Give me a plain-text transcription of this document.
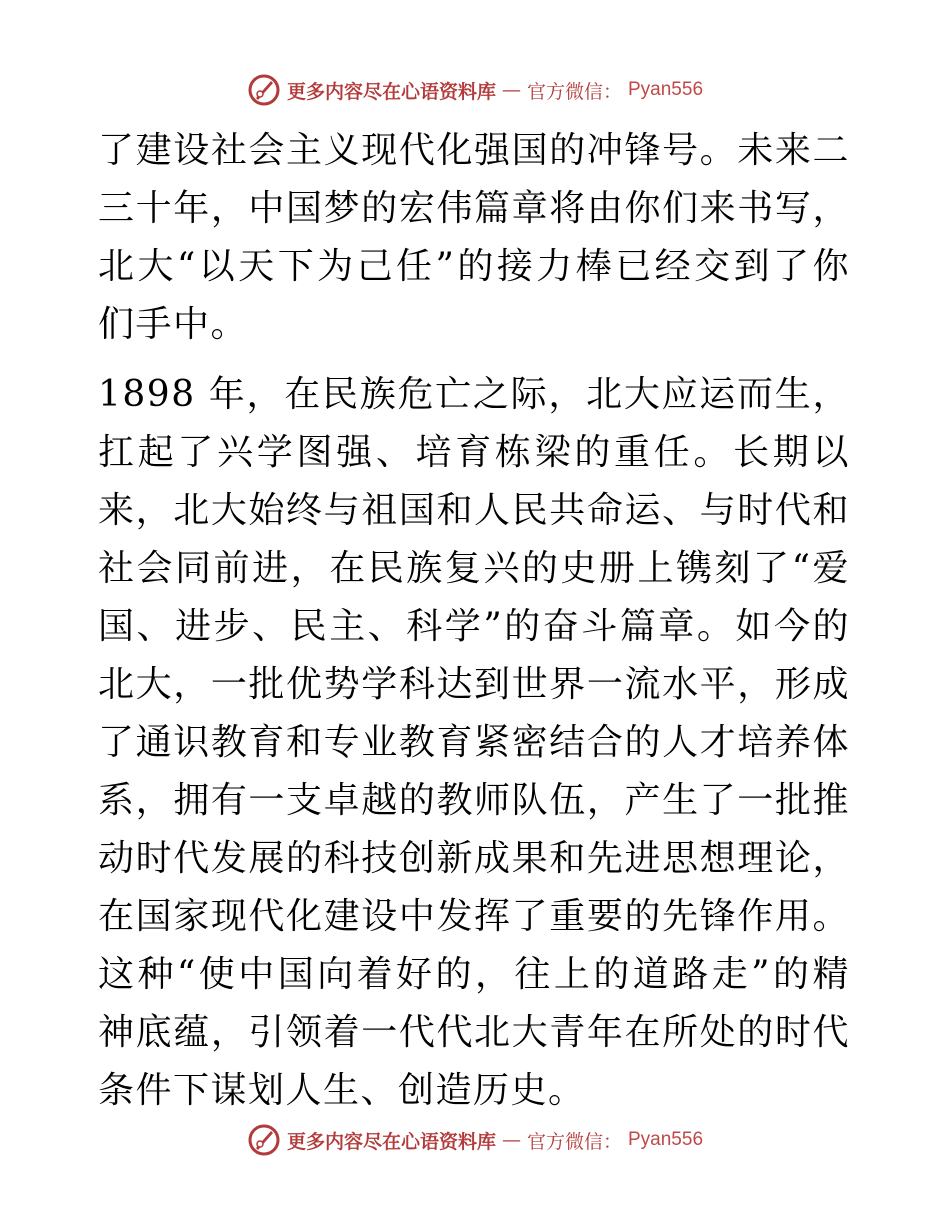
更多内容尽在心语资料库 — 官方微信： Pyan556

了建设社会主义现代化强国的冲锋号。未来二三十年，中国梦的宏伟篇章将由你们来书写，北大“以天下为己任”的接力棒已经交到了你们手中。

1898 年，在民族危亡之际，北大应运而生，扛起了兴学图强、培育栋梁的重任。长期以来，北大始终与祖国和人民共命运、与时代和社会同前进，在民族复兴的史册上镌刻了“爱国、进步、民主、科学”的奋斗篇章。如今的北大，一批优势学科达到世界一流水平，形成了通识教育和专业教育紧密结合的人才培养体系，拥有一支卓越的教师队伍，产生了一批推动时代发展的科技创新成果和先进思想理论，在国家现代化建设中发挥了重要的先锋作用。这种“使中国向着好的，往上的道路走”的精神底蕴，引领着一代代北大青年在所处的时代条件下谋划人生、创造历史。

更多内容尽在心语资料库 — 官方微信： Pyan556
